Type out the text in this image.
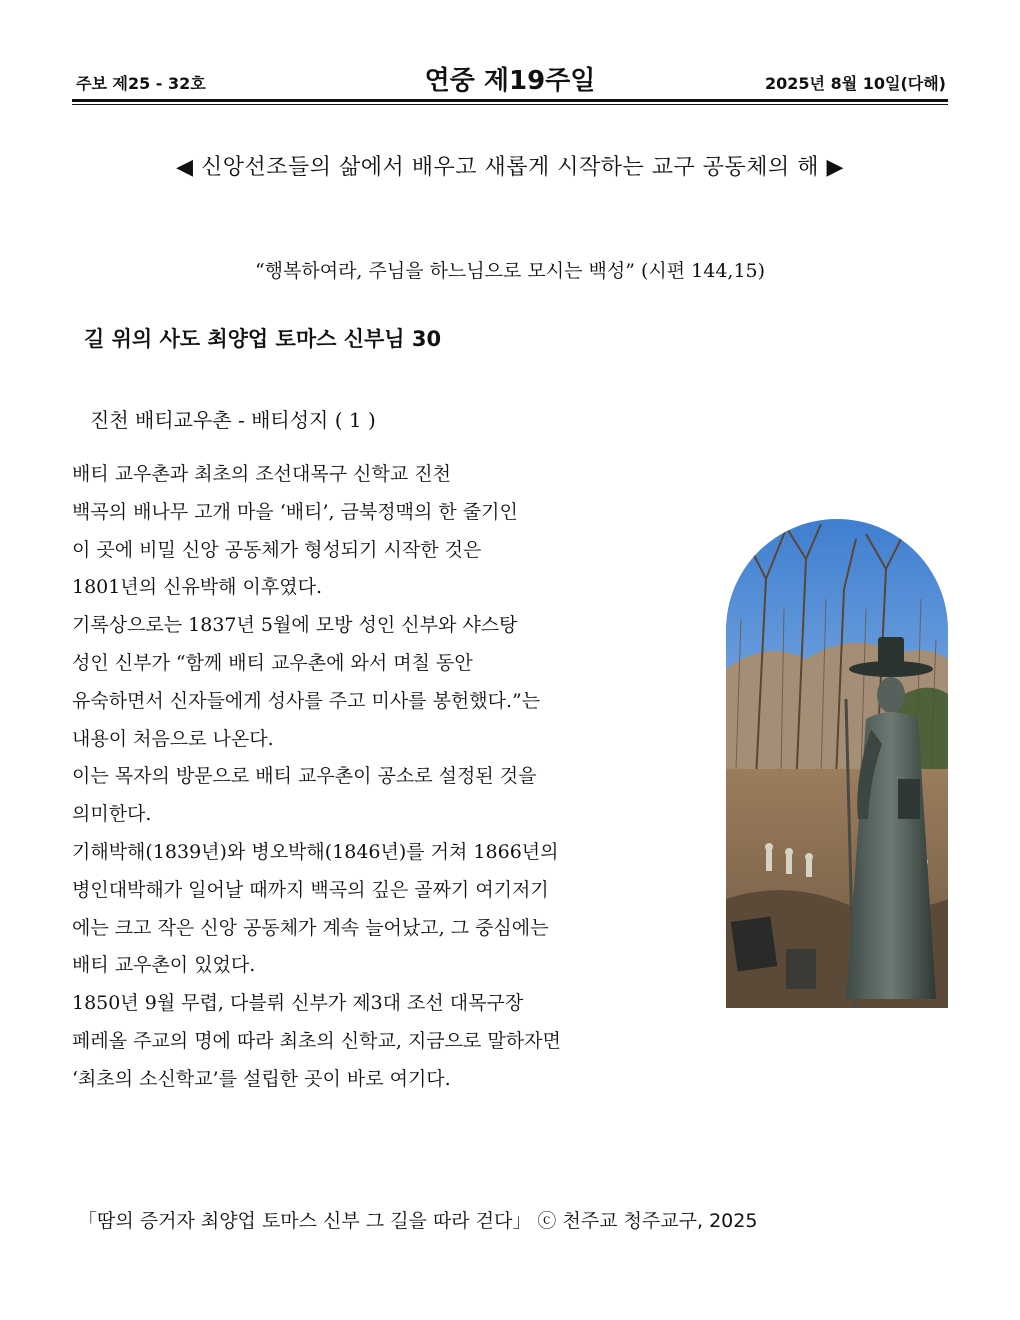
주보 제25 - 32호	연중 제19주일	2025년 8월 10일(다해)
◀ 신앙선조들의 삶에서 배우고 새롭게 시작하는 교구 공동체의 해 ▶
“행복하여라, 주님을 하느님으로 모시는 백성” (시편 144,15)
길 위의 사도 최양업 토마스 신부님 30
진천 배티교우촌 - 배티성지 ( 1 )
배티 교우촌과 최초의 조선대목구 신학교 진천
백곡의 배나무 고개 마을 ‘배티’, 금북정맥의 한 줄기인
이 곳에 비밀 신앙 공동체가 형성되기 시작한 것은
1801년의 신유박해 이후였다.
기록상으로는 1837년 5월에 모방 성인 신부와 샤스탕
성인 신부가 “함께 배티 교우촌에 와서 며칠 동안
유숙하면서 신자들에게 성사를 주고 미사를 봉헌했다.”는
내용이 처음으로 나온다.
이는 목자의 방문으로 배티 교우촌이 공소로 설정된 것을
의미한다.
기해박해(1839년)와 병오박해(1846년)를 거쳐 1866년의
병인대박해가 일어날 때까지 백곡의 깊은 골짜기 여기저기
에는 크고 작은 신앙 공동체가 계속 늘어났고, 그 중심에는
배티 교우촌이 있었다.
1850년 9월 무렵, 다블뤼 신부가 제3대 조선 대목구장
페레올 주교의 명에 따라 최초의 신학교, 지금으로 말하자면
‘최초의 소신학교’를 설립한 곳이 바로 여기다.
「땀의 증거자 최양업 토마스 신부 그 길을 따라 걷다」 ⓒ 천주교 청주교구, 2025
